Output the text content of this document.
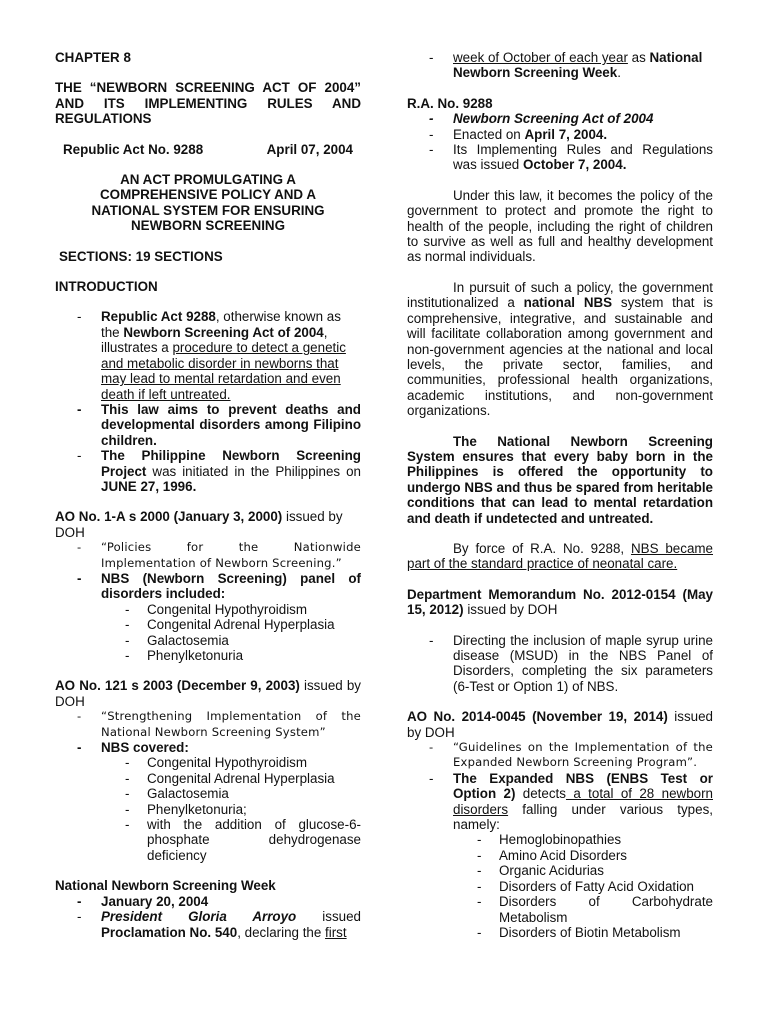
CHAPTER 8

THE “NEWBORN SCREENING ACT OF 2004” AND ITS IMPLEMENTING RULES AND REGULATIONS

Republic Act No. 9288	April 07, 2004

AN ACT PROMULGATING A COMPREHENSIVE POLICY AND A NATIONAL SYSTEM FOR ENSURING NEWBORN SCREENING

SECTIONS: 19 SECTIONS

INTRODUCTION

- Republic Act 9288, otherwise known as the Newborn Screening Act of 2004, illustrates a procedure to detect a genetic and metabolic disorder in newborns that may lead to mental retardation and even death if left untreated.
- This law aims to prevent deaths and developmental disorders among Filipino children.
- The Philippine Newborn Screening Project was initiated in the Philippines on JUNE 27, 1996.

AO No. 1-A s 2000 (January 3, 2000) issued by DOH

- “Policies for the Nationwide Implementation of Newborn Screening.”
- NBS (Newborn Screening) panel of disorders included:
- Congenital Hypothyroidism
- Congenital Adrenal Hyperplasia
- Galactosemia
- Phenylketonuria

AO No. 121 s 2003 (December 9, 2003) issued by DOH

- “Strengthening Implementation of the National Newborn Screening System”
- NBS covered:
- Congenital Hypothyroidism
- Congenital Adrenal Hyperplasia
- Galactosemia
- Phenylketonuria;
- with the addition of glucose-6-phosphate dehydrogenase deficiency

National Newborn Screening Week

- January 20, 2004
- President Gloria Arroyo issued Proclamation No. 540, declaring the first
- week of October of each year as National Newborn Screening Week.

R.A. No. 9288

- Newborn Screening Act of 2004
- Enacted on April 7, 2004.
- Its Implementing Rules and Regulations was issued October 7, 2004.

Under this law, it becomes the policy of the government to protect and promote the right to health of the people, including the right of children to survive as well as full and healthy development as normal individuals.

In pursuit of such a policy, the government institutionalized a national NBS system that is comprehensive, integrative, and sustainable and will facilitate collaboration among government and non-government agencies at the national and local levels, the private sector, families, and communities, professional health organizations, academic institutions, and non-government organizations.

The National Newborn Screening System ensures that every baby born in the Philippines is offered the opportunity to undergo NBS and thus be spared from heritable conditions that can lead to mental retardation and death if undetected and untreated.

By force of R.A. No. 9288, NBS became part of the standard practice of neonatal care.

Department Memorandum No. 2012-0154 (May 15, 2012) issued by DOH

- Directing the inclusion of maple syrup urine disease (MSUD) in the NBS Panel of Disorders, completing the six parameters (6-Test or Option 1) of NBS.

AO No. 2014-0045 (November 19, 2014) issued by DOH

- “Guidelines on the Implementation of the Expanded Newborn Screening Program”.
- The Expanded NBS (ENBS Test or Option 2) detects a total of 28 newborn disorders falling under various types, namely:
- Hemoglobinopathies
- Amino Acid Disorders
- Organic Acidurias
- Disorders of Fatty Acid Oxidation
- Disorders of Carbohydrate Metabolism
- Disorders of Biotin Metabolism
